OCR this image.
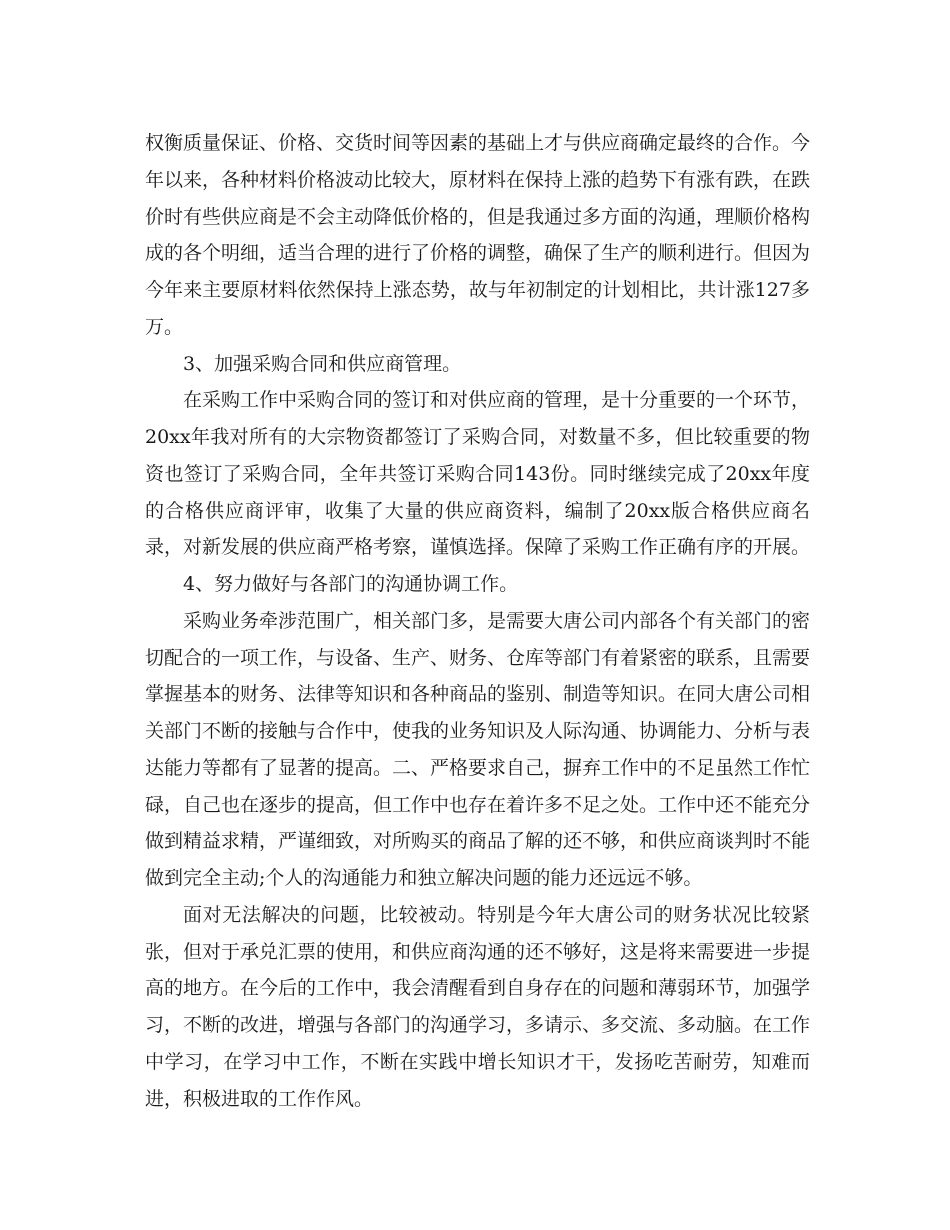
权衡质量保证、价格、交货时间等因素的基础上才与供应商确定最终的合作。今年以来，各种材料价格波动比较大，原材料在保持上涨的趋势下有涨有跌，在跌价时有些供应商是不会主动降低价格的，但是我通过多方面的沟通，理顺价格构成的各个明细，适当合理的进行了价格的调整，确保了生产的顺利进行。但因为今年来主要原材料依然保持上涨态势，故与年初制定的计划相比，共计涨127多万。

3、加强采购合同和供应商管理。

在采购工作中采购合同的签订和对供应商的管理，是十分重要的一个环节，20xx年我对所有的大宗物资都签订了采购合同，对数量不多，但比较重要的物资也签订了采购合同，全年共签订采购合同143份。同时继续完成了20xx年度的合格供应商评审，收集了大量的供应商资料，编制了20xx版合格供应商名录，对新发展的供应商严格考察，谨慎选择。保障了采购工作正确有序的开展。

4、努力做好与各部门的沟通协调工作。

采购业务牵涉范围广，相关部门多，是需要大唐公司内部各个有关部门的密切配合的一项工作，与设备、生产、财务、仓库等部门有着紧密的联系，且需要掌握基本的财务、法律等知识和各种商品的鉴别、制造等知识。在同大唐公司相关部门不断的接触与合作中，使我的业务知识及人际沟通、协调能力、分析与表达能力等都有了显著的提高。二、严格要求自己，摒弃工作中的不足虽然工作忙碌，自己也在逐步的提高，但工作中也存在着许多不足之处。工作中还不能充分做到精益求精，严谨细致，对所购买的商品了解的还不够，和供应商谈判时不能做到完全主动;个人的沟通能力和独立解决问题的能力还远远不够。

面对无法解决的问题，比较被动。特别是今年大唐公司的财务状况比较紧张，但对于承兑汇票的使用，和供应商沟通的还不够好，这是将来需要进一步提高的地方。在今后的工作中，我会清醒看到自身存在的问题和薄弱环节，加强学习，不断的改进，增强与各部门的沟通学习，多请示、多交流、多动脑。在工作中学习，在学习中工作，不断在实践中增长知识才干，发扬吃苦耐劳，知难而进，积极进取的工作作风。
